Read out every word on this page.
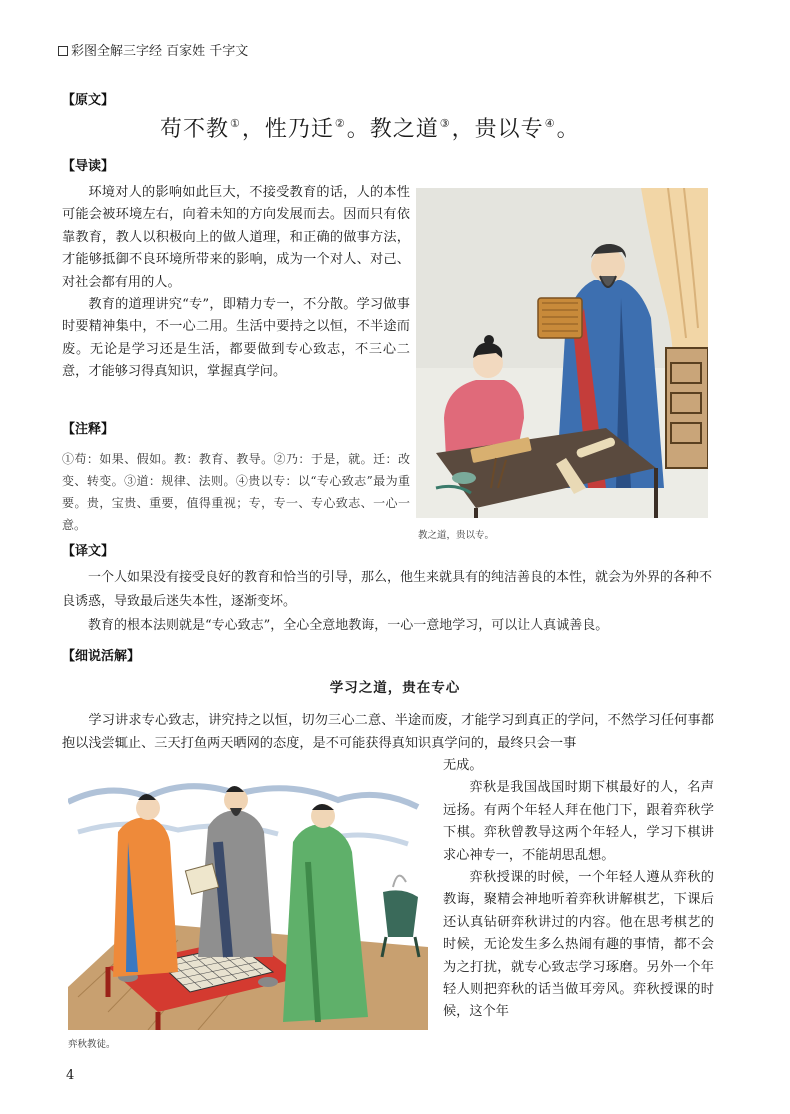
彩图全解三字经 百家姓 千字文
【原文】
苟不教①，性乃迁②。教之道③，贵以专④。
【导读】

环境对人的影响如此巨大，不接受教育的话，人的本性可能会被环境左右，向着未知的方向发展而去。因而只有依靠教育，教人以积极向上的做人道理，和正确的做事方法，才能够抵御不良环境所带来的影响，成为一个对人、对己、对社会都有用的人。

教育的道理讲究“专”，即精力专一，不分散。学习做事时要精神集中，不一心二用。生活中要持之以恒，不半途而废。无论是学习还是生活，都要做到专心致志，不三心二意，才能够习得真知识，掌握真学问。

教之道，贵以专。
【注释】
①苟：如果、假如。教：教育、教导。②乃：于是，就。迁：改变、转变。③道：规律、法则。④贵以专：以“专心致志”最为重要。贵，宝贵、重要，值得重视；专，专一、专心致志、一心一意。
【译文】

一个人如果没有接受良好的教育和恰当的引导，那么，他生来就具有的纯洁善良的本性，就会为外界的各种不良诱惑，导致最后迷失本性，逐渐变坏。

教育的根本法则就是“专心致志”，全心全意地教诲，一心一意地学习，可以让人真诚善良。

【细说活解】
学习之道，贵在专心

学习讲求专心致志，讲究持之以恒，切勿三心二意、半途而废，才能学习到真正的学问，不然学习任何事都抱以浅尝辄止、三天打鱼两天晒网的态度，是不可能获得真知识真学问的，最终只会一事

弈秋教徒。

无成。

弈秋是我国战国时期下棋最好的人，名声远扬。有两个年轻人拜在他门下，跟着弈秋学下棋。弈秋曾教导这两个年轻人，学习下棋讲求心神专一，不能胡思乱想。

弈秋授课的时候，一个年轻人遵从弈秋的教诲，聚精会神地听着弈秋讲解棋艺，下课后还认真钻研弈秋讲过的内容。他在思考棋艺的时候，无论发生多么热闹有趣的事情，都不会为之打扰，就专心致志学习琢磨。另外一个年轻人则把弈秋的话当做耳旁风。弈秋授课的时候，这个年

4
